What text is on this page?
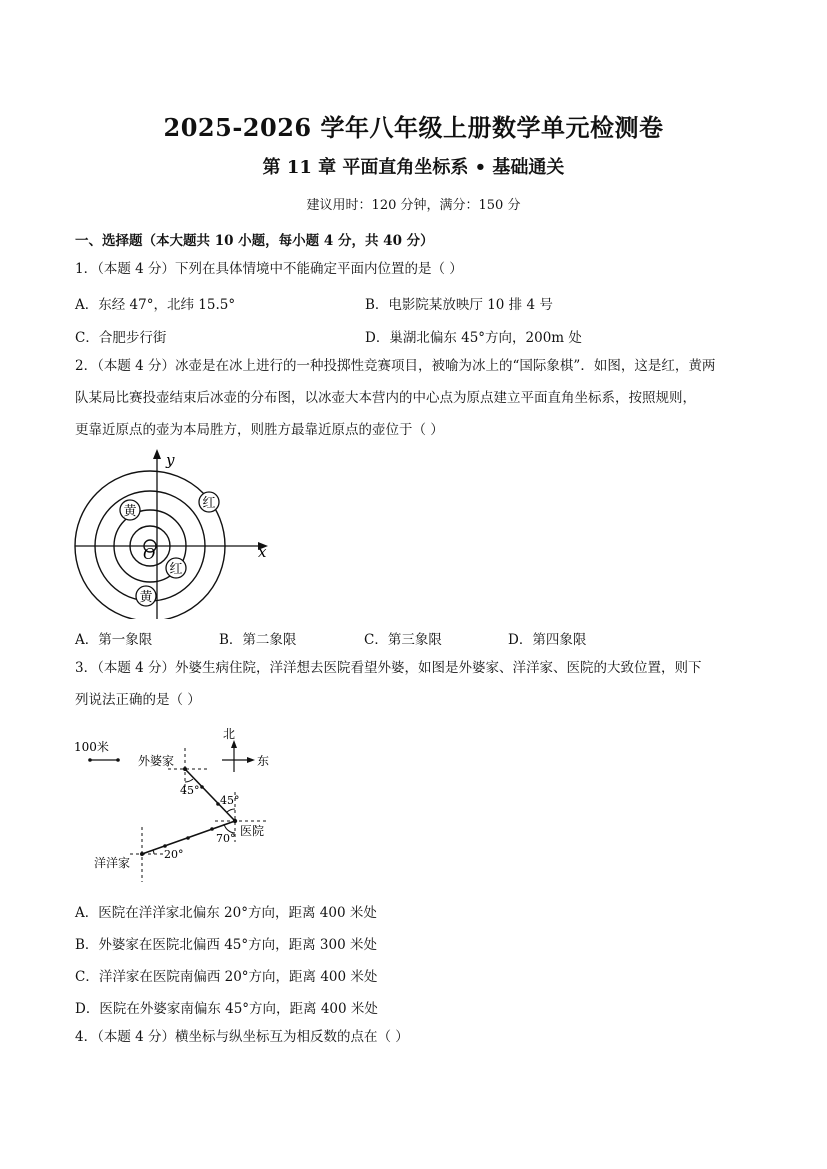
2025-2026 学年八年级上册数学单元检测卷
第 11 章 平面直角坐标系 • 基础通关
建议用时：120 分钟，满分：150 分
一、选择题（本大题共 10 小题，每小题 4 分，共 40 分）
1．（本题 4 分）下列在具体情境中不能确定平面内位置的是（ ）
A．东经 47°，北纬 15.5°	B．电影院某放映厅 10 排 4 号
C．合肥步行街	D．巢湖北偏东 45°方向，200m 处
2．（本题 4 分）冰壶是在冰上进行的一种投掷性竞赛项目，被喻为冰上的“国际象棋”．如图，这是红，黄两
队某局比赛投壶结束后冰壶的分布图，以冰壶大本营内的中心点为原点建立平面直角坐标系，按照规则，
更靠近原点的壶为本局胜方，则胜方最靠近原点的壶位于（ ）
y
x
O
黄
红
红
黄
A．第一象限	B．第二象限	C．第三象限	D．第四象限
3．（本题 4 分）外婆生病住院，洋洋想去医院看望外婆，如图是外婆家、洋洋家、医院的大致位置，则下
列说法正确的是（ ）
100米
北
东
外婆家
45°
45°
医院
70°
20°
洋洋家
A．医院在洋洋家北偏东 20°方向，距离 400 米处
B．外婆家在医院北偏西 45°方向，距离 300 米处
C．洋洋家在医院南偏西 20°方向，距离 400 米处
D．医院在外婆家南偏东 45°方向，距离 400 米处
4．（本题 4 分）横坐标与纵坐标互为相反数的点在（ ）
